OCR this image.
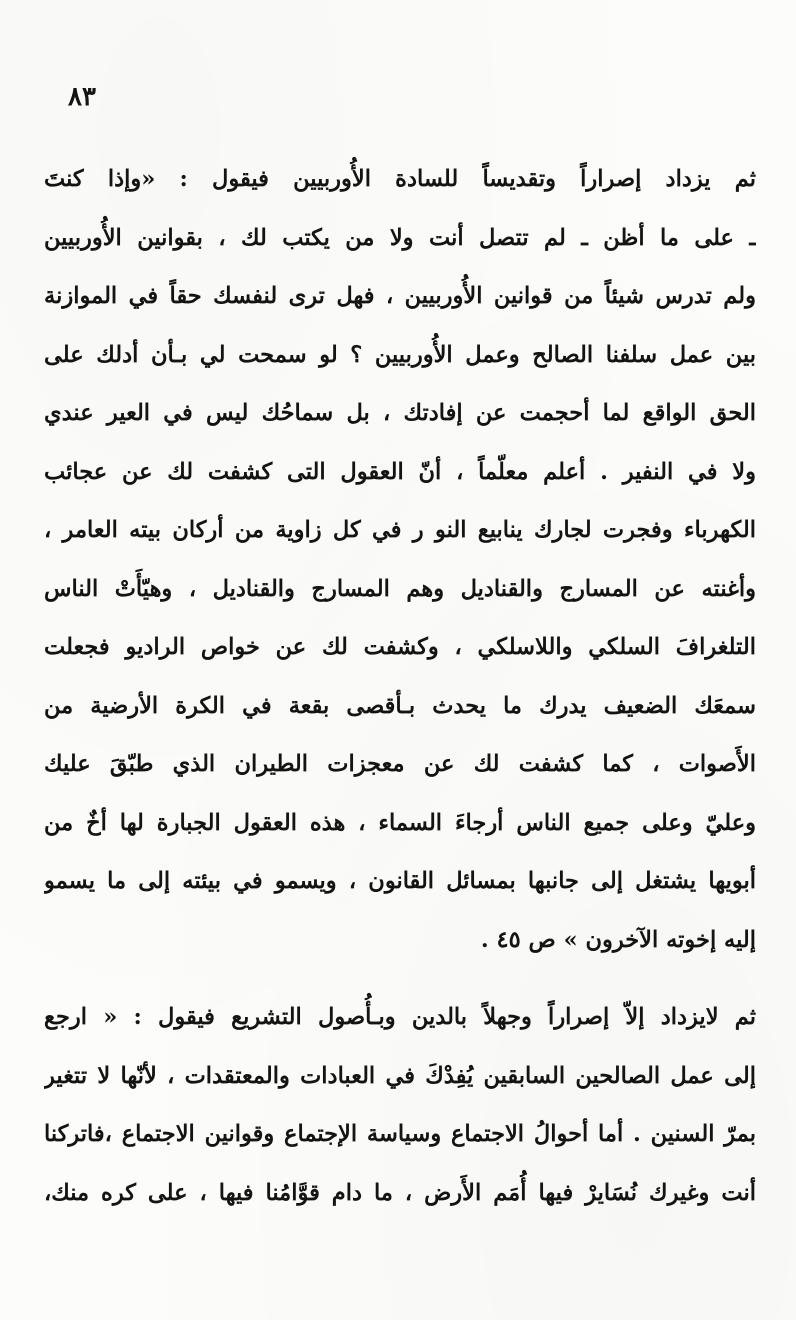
٨٣
ثم يزداد إصراراً وتقديساً للسادة الأُوربيين فيقول : «وإذا كنتَ
ـ على ما أظن ـ لم تتصل أنت ولا من يكتب لك ، بقوانين الأُوربيين
ولم تدرس شيئاً من قوانين الأُوربيين ، فهل ترى لنفسك حقاً في الموازنة
بين عمل سلفنا الصالح وعمل الأُوربيين ؟ لو سمحت لي بـأن أدلك على
الحق الواقع لما أحجمت عن إفادتك ، بل سماحُك ليس في العير عندي
ولا في النفير . أعلم معلّماً ، أنّ العقول التى كشفت لك عن عجائب
الكهرباء وفجرت لجارك ينابيع النو ر في كل زاوية من أركان بيته العامر ،
وأغنته عن المسارج والقناديل وهم المسارج والقناديل ، وهيّأَتْ الناس
التلغرافَ السلكي واللاسلكي ، وكشفت لك عن خواص الراديو فجعلت
سمعَك الضعيف يدرك ما يحدث بـأقصى بقعة في الكرة الأرضية من
الأَصوات ، كما كشفت لك عن معجزات الطيران الذي طبّقَ عليك
وعليّ وعلى جميع الناس أرجاءَ السماء ، هذه العقول الجبارة لها أخٌ من
أبويها يشتغل إلى جانبها بمسائل القانون ، ويسمو في بيئته إلى ما يسمو
إليه إخوته الآخرون » ص ٤٥ .
ثم لايزداد إلاّ إصراراً وجهلاً بالدين وبـأُصول التشريع فيقول : « ارجع
إلى عمل الصالحين السابقين يُفِدْكَ في العبادات والمعتقدات ، لأنّها لا تتغير
بمرّ السنين . أما أحوالُ الاجتماع وسياسة الإجتماع وقوانين الاجتماع ،فاتركنا
أنت وغيرك نُسَايرْ فيها أُمَم الأَرض ، ما دام قوَّامُنا فيها ، على كره منك،
